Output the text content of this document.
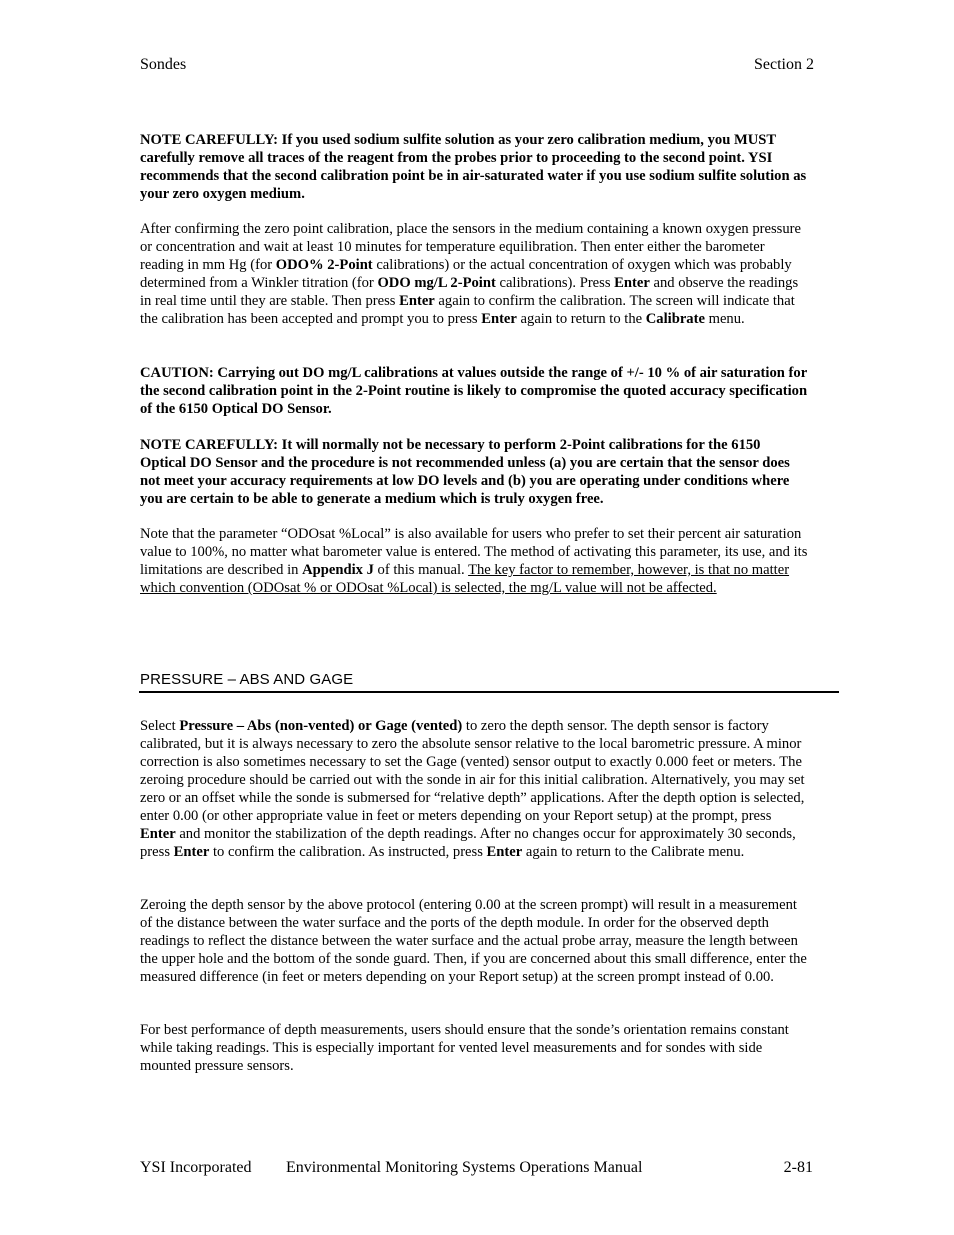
Sondes	Section 2

NOTE CAREFULLY: If you used sodium sulfite solution as your zero calibration medium, you MUST carefully remove all traces of the reagent from the probes prior to proceeding to the second point. YSI recommends that the second calibration point be in air-saturated water if you use sodium sulfite solution as your zero oxygen medium.

After confirming the zero point calibration, place the sensors in the medium containing a known oxygen pressure or concentration and wait at least 10 minutes for temperature equilibration. Then enter either the barometer reading in mm Hg (for ODO% 2-Point calibrations) or the actual concentration of oxygen which was probably determined from a Winkler titration (for ODO mg/L 2-Point calibrations). Press Enter and observe the readings in real time until they are stable. Then press Enter again to confirm the calibration. The screen will indicate that the calibration has been accepted and prompt you to press Enter again to return to the Calibrate menu.

CAUTION: Carrying out DO mg/L calibrations at values outside the range of +/- 10 % of air saturation for the second calibration point in the 2-Point routine is likely to compromise the quoted accuracy specification of the 6150 Optical DO Sensor.

NOTE CAREFULLY: It will normally not be necessary to perform 2-Point calibrations for the 6150 Optical DO Sensor and the procedure is not recommended unless (a) you are certain that the sensor does not meet your accuracy requirements at low DO levels and (b) you are operating under conditions where you are certain to be able to generate a medium which is truly oxygen free.

Note that the parameter “ODOsat %Local” is also available for users who prefer to set their percent air saturation value to 100%, no matter what barometer value is entered. The method of activating this parameter, its use, and its limitations are described in Appendix J of this manual. The key factor to remember, however, is that no matter which convention (ODOsat % or ODOsat %Local) is selected, the mg/L value will not be affected.

PRESSURE – ABS AND GAGE

Select Pressure – Abs (non-vented) or Gage (vented) to zero the depth sensor. The depth sensor is factory calibrated, but it is always necessary to zero the absolute sensor relative to the local barometric pressure. A minor correction is also sometimes necessary to set the Gage (vented) sensor output to exactly 0.000 feet or meters. The zeroing procedure should be carried out with the sonde in air for this initial calibration. Alternatively, you may set zero or an offset while the sonde is submersed for “relative depth” applications. After the depth option is selected, enter 0.00 (or other appropriate value in feet or meters depending on your Report setup) at the prompt, press Enter and monitor the stabilization of the depth readings. After no changes occur for approximately 30 seconds, press Enter to confirm the calibration. As instructed, press Enter again to return to the Calibrate menu.

Zeroing the depth sensor by the above protocol (entering 0.00 at the screen prompt) will result in a measurement of the distance between the water surface and the ports of the depth module. In order for the observed depth readings to reflect the distance between the water surface and the actual probe array, measure the length between the upper hole and the bottom of the sonde guard. Then, if you are concerned about this small difference, enter the measured difference (in feet or meters depending on your Report setup) at the screen prompt instead of 0.00.

For best performance of depth measurements, users should ensure that the sonde’s orientation remains constant while taking readings. This is especially important for vented level measurements and for sondes with side mounted pressure sensors.

YSI Incorporated Environmental Monitoring Systems Operations Manual	2-81
